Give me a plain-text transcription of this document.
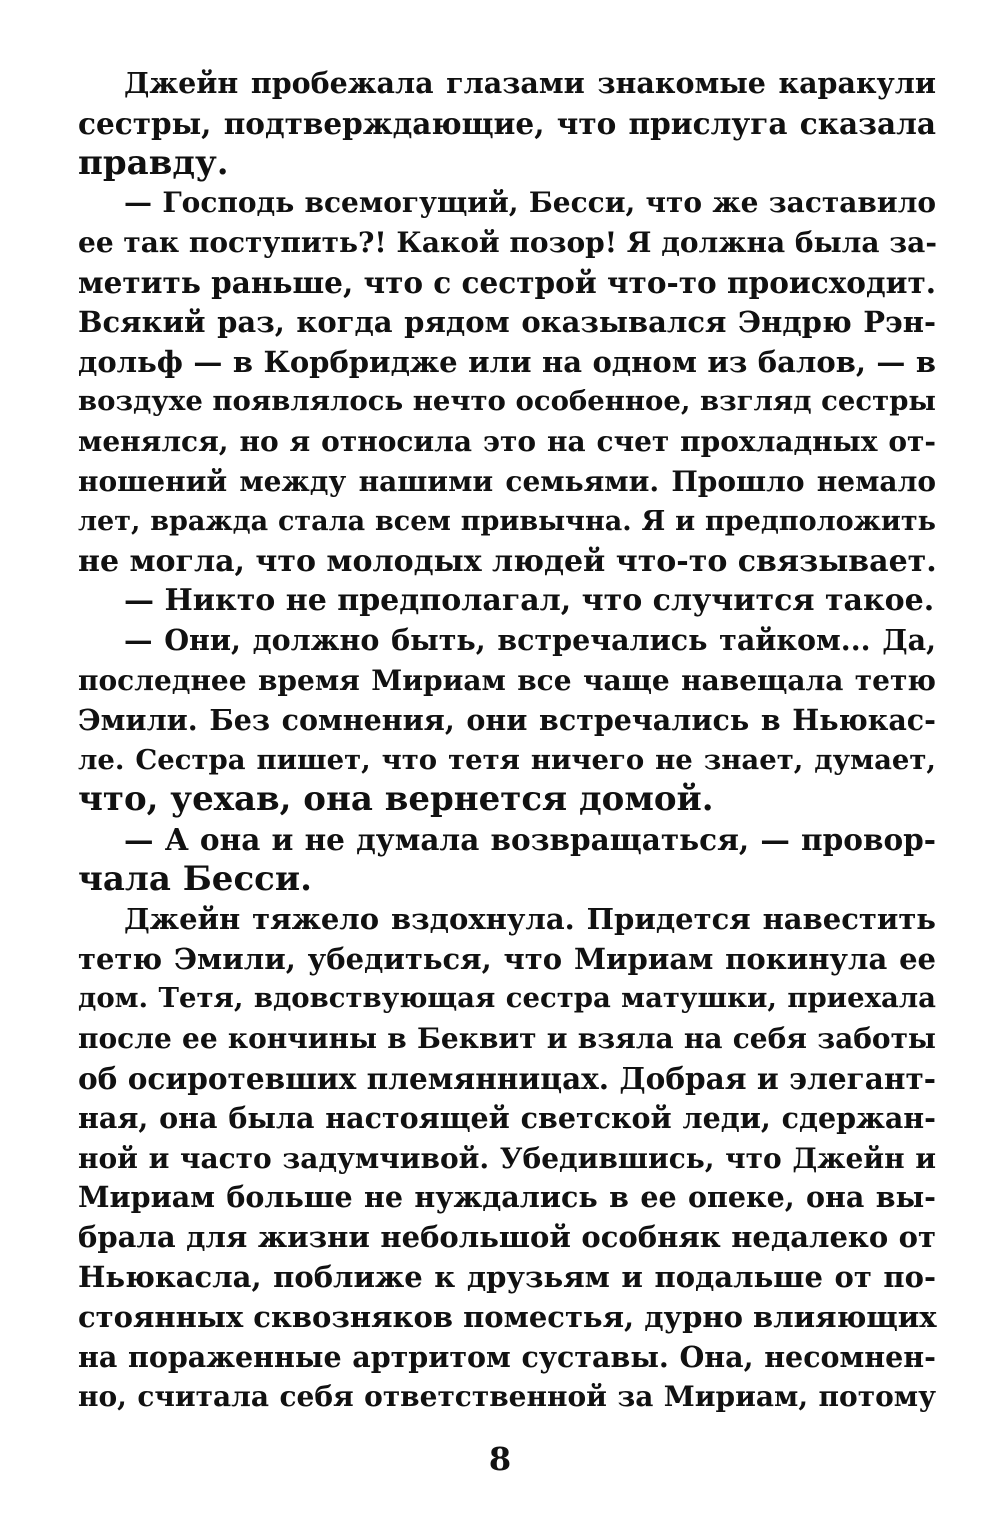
Джейн пробежала глазами знакомые каракули
сестры, подтверждающие, что прислуга сказала
правду.
— Господь всемогущий, Бесси, что же заставило
ее так поступить?! Какой позор! Я должна была за-
метить раньше, что с сестрой что-то происходит.
Всякий раз, когда рядом оказывался Эндрю Рэн-
дольф — в Корбридже или на одном из балов, — в
воздухе появлялось нечто особенное, взгляд сестры
менялся, но я относила это на счет прохладных от-
ношений между нашими семьями. Прошло немало
лет, вражда стала всем привычна. Я и предположить
не могла, что молодых людей что-то связывает.
— Никто не предполагал, что случится такое.
— Они, должно быть, встречались тайком... Да,
последнее время Мириам все чаще навещала тетю
Эмили. Без сомнения, они встречались в Ньюкас-
ле. Сестра пишет, что тетя ничего не знает, думает,
что, уехав, она вернется домой.
— А она и не думала возвращаться, — провор-
чала Бесси.
Джейн тяжело вздохнула. Придется навестить
тетю Эмили, убедиться, что Мириам покинула ее
дом. Тетя, вдовствующая сестра матушки, приехала
после ее кончины в Беквит и взяла на себя заботы
об осиротевших племянницах. Добрая и элегант-
ная, она была настоящей светской леди, сдержан-
ной и часто задумчивой. Убедившись, что Джейн и
Мириам больше не нуждались в ее опеке, она вы-
брала для жизни небольшой особняк недалеко от
Ньюкасла, поближе к друзьям и подальше от по-
стоянных сквозняков поместья, дурно влияющих
на пораженные артритом суставы. Она, несомнен-
но, считала себя ответственной за Мириам, потому
8
